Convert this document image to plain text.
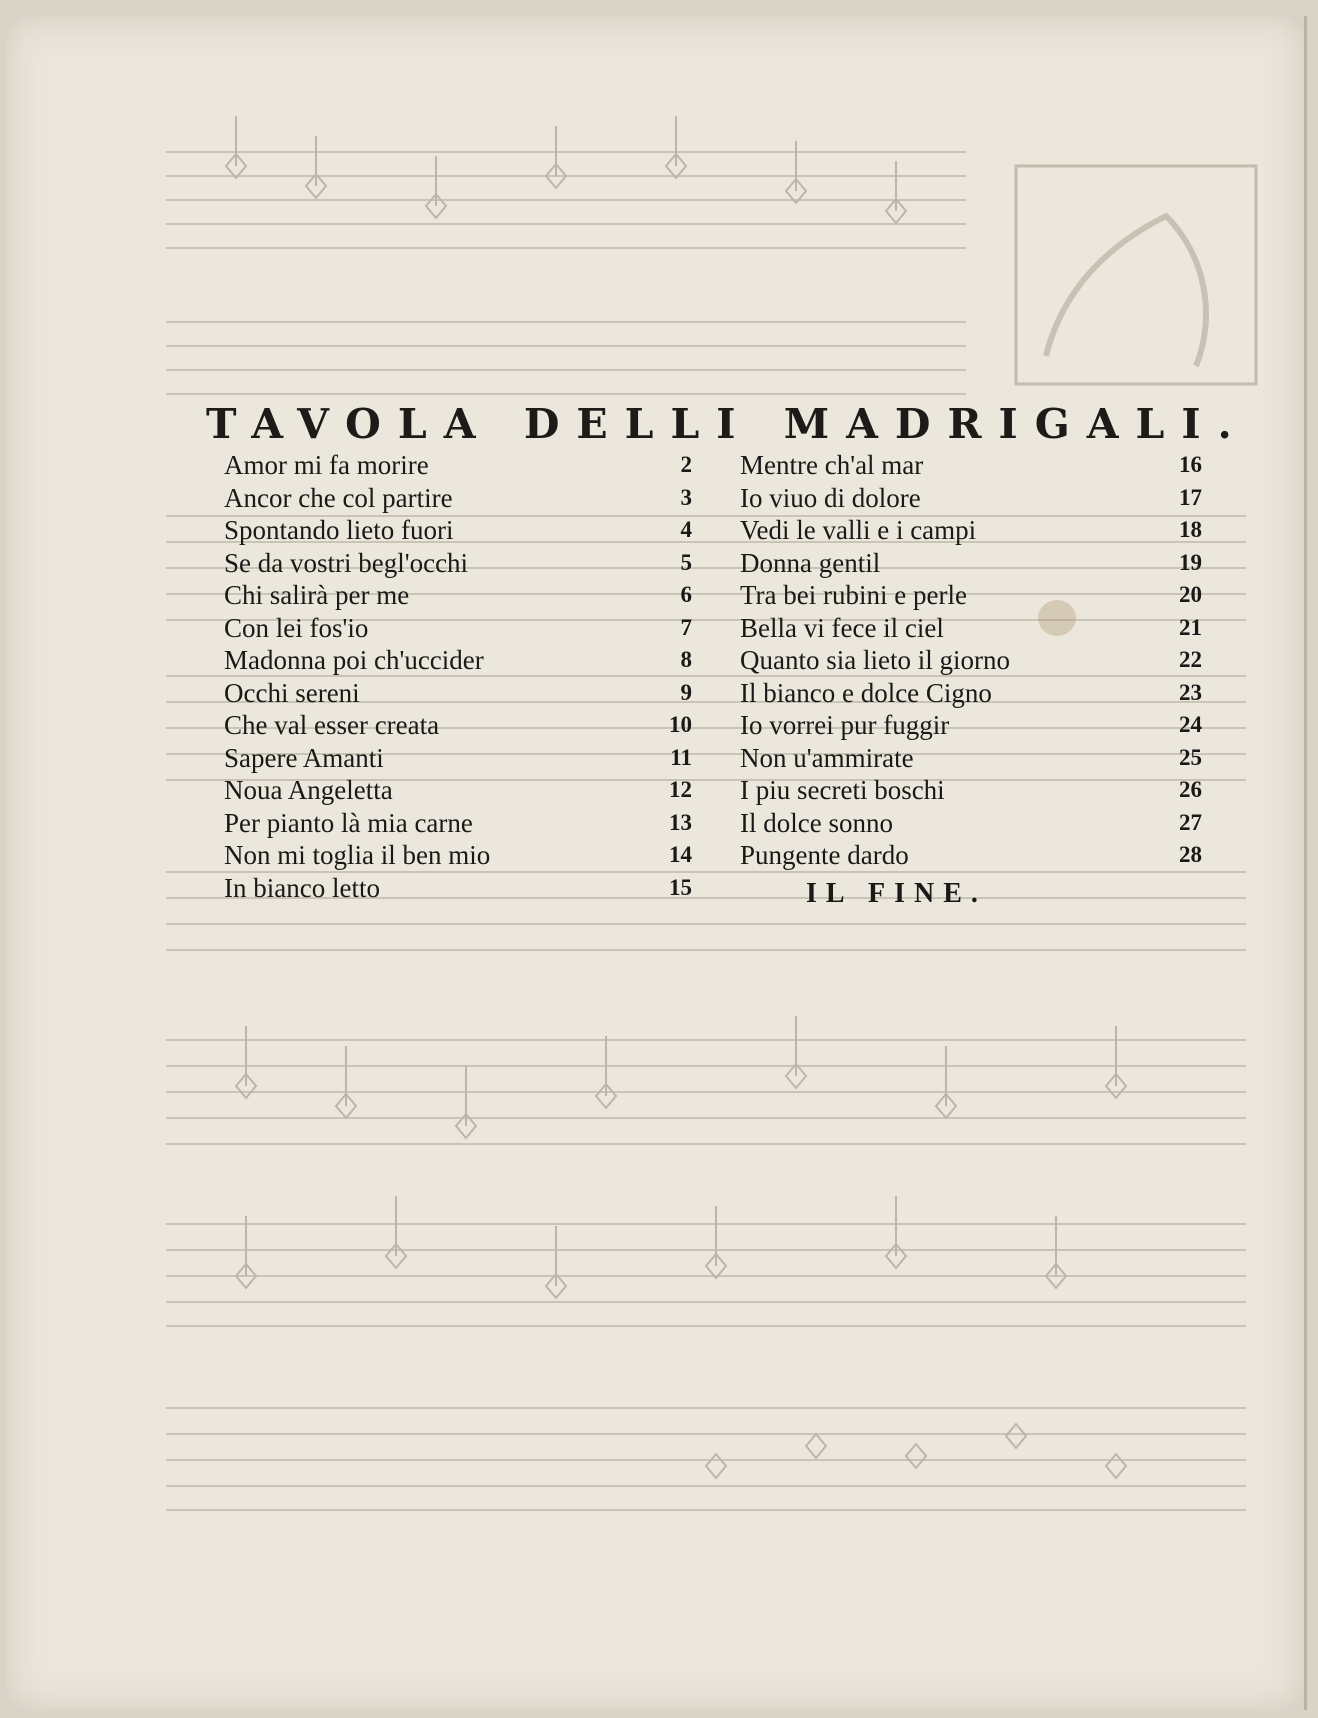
TAVOLA DELLI MADRIGALI.
Amor mi fa morire	2
Ancor che col partire	3
Spontando lieto fuori	4
Se da vostri begl'occhi	5
Chi salirà per me	6
Con lei fos'io	7
Madonna poi ch'uccider	8
Occhi sereni	9
Che val esser creata	10
Sapere Amanti	11
Noua Angeletta	12
Per pianto là mia carne	13
Non mi toglia il ben mio	14
In bianco letto	15
Mentre ch'al mar	16
Io viuo di dolore	17
Vedi le valli e i campi	18
Donna gentil	19
Tra bei rubini e perle	20
Bella vi fece il ciel	21
Quanto sia lieto il giorno	22
Il bianco e dolce Cigno	23
Io vorrei pur fuggir	24
Non u'ammirate	25
I piu secreti boschi	26
Il dolce sonno	27
Pungente dardo	28
IL FINE.
